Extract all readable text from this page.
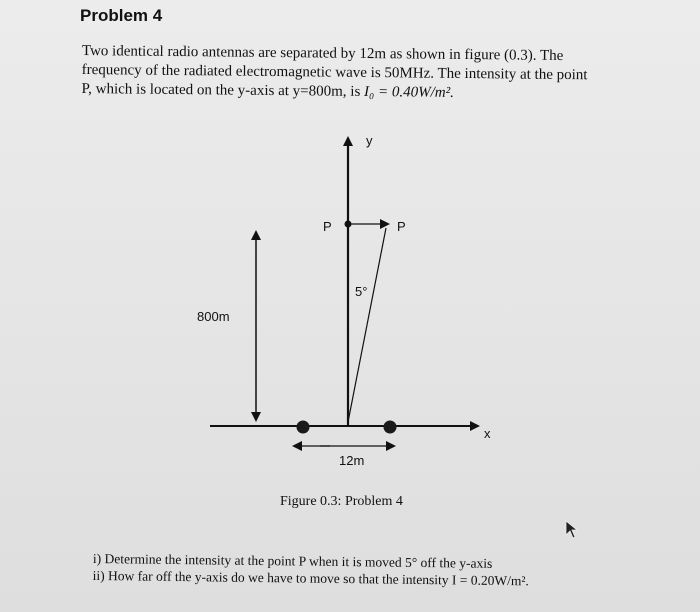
Problem 4
Two identical radio antennas are separated by 12m as shown in figure (0.3). The
frequency of the radiated electromagnetic wave is 50MHz. The intensity at the point
P, which is located on the y-axis at y=800m, is I₀ = 0.40W/m².
y
x
P	P
5°
800m
12m
Figure 0.3: Problem 4
i) Determine the intensity at the point P when it is moved 5° off the y-axis
ii) How far off the y-axis do we have to move so that the intensity I = 0.20W/m².
